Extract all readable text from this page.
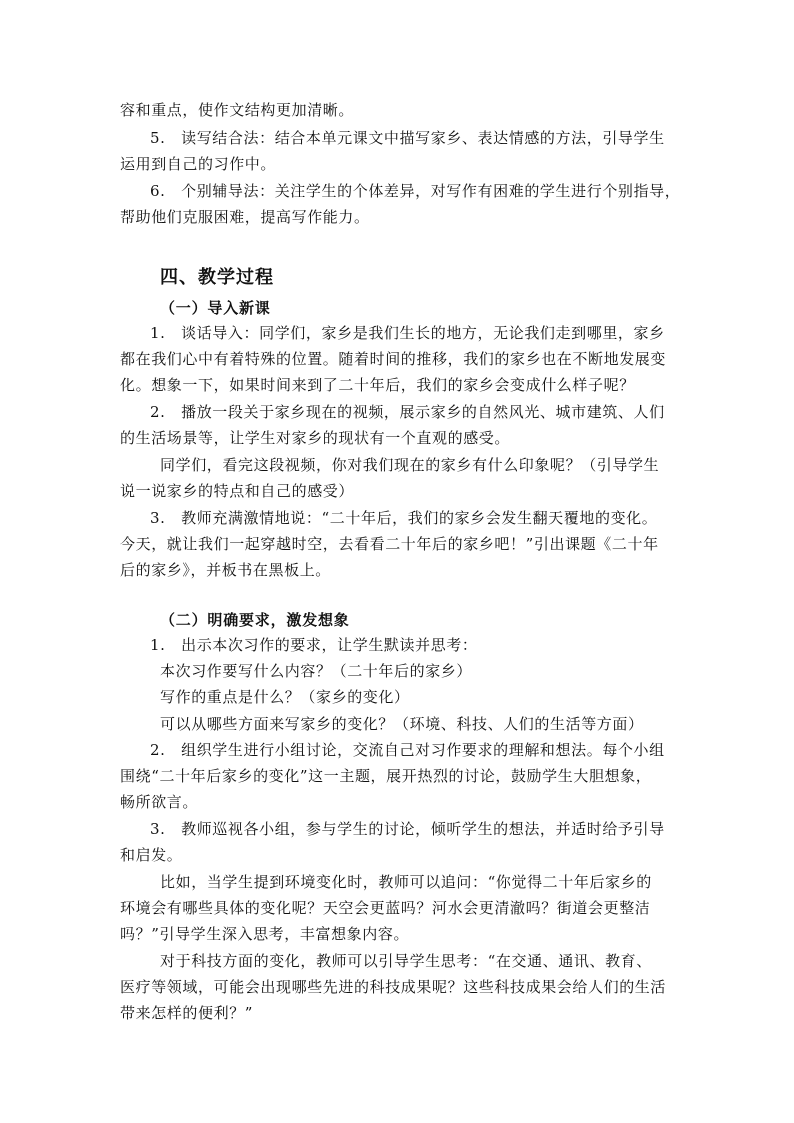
容和重点，使作文结构更加清晰。
5.　读写结合法：结合本单元课文中描写家乡、表达情感的方法，引导学生
运用到自己的习作中。
6.　个别辅导法：关注学生的个体差异，对写作有困难的学生进行个别指导，
帮助他们克服困难，提高写作能力。
四、教学过程
（一）导入新课
1.　谈话导入：同学们，家乡是我们生长的地方，无论我们走到哪里，家乡
都在我们心中有着特殊的位置。随着时间的推移，我们的家乡也在不断地发展变
化。想象一下，如果时间来到了二十年后，我们的家乡会变成什么样子呢？
2.　播放一段关于家乡现在的视频，展示家乡的自然风光、城市建筑、人们
的生活场景等，让学生对家乡的现状有一个直观的感受。
同学们，看完这段视频，你对我们现在的家乡有什么印象呢？（引导学生
说一说家乡的特点和自己的感受）
3.　教师充满激情地说：“二十年后，我们的家乡会发生翻天覆地的变化。
今天，就让我们一起穿越时空，去看看二十年后的家乡吧！”引出课题《二十年
后的家乡》，并板书在黑板上。
（二）明确要求，激发想象
1.　出示本次习作的要求，让学生默读并思考：
本次习作要写什么内容？（二十年后的家乡）
写作的重点是什么？（家乡的变化）
可以从哪些方面来写家乡的变化？（环境、科技、人们的生活等方面）
2.　组织学生进行小组讨论，交流自己对习作要求的理解和想法。每个小组
围绕“二十年后家乡的变化”这一主题，展开热烈的讨论，鼓励学生大胆想象，
畅所欲言。
3.　教师巡视各小组，参与学生的讨论，倾听学生的想法，并适时给予引导
和启发。
比如，当学生提到环境变化时，教师可以追问：“你觉得二十年后家乡的
环境会有哪些具体的变化呢？天空会更蓝吗？河水会更清澈吗？街道会更整洁
吗？”引导学生深入思考，丰富想象内容。
对于科技方面的变化，教师可以引导学生思考：“在交通、通讯、教育、
医疗等领域，可能会出现哪些先进的科技成果呢？这些科技成果会给人们的生活
带来怎样的便利？”
